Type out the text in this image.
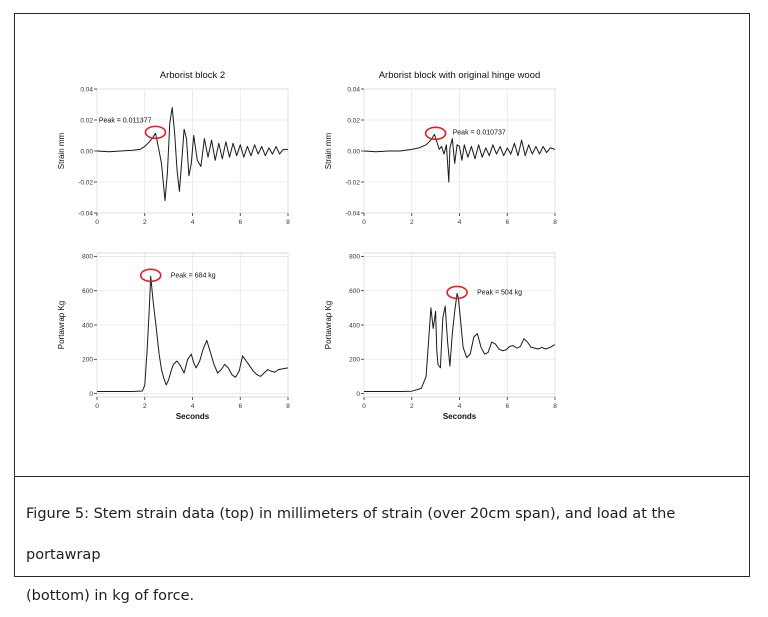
0	2	4	6	8
-0.04
-0.02
0.00
0.02
0.04
Arborist block 2
Strain mm
Peak = 0.011377
0	2	4	6	8
-0.04
-0.02
0.00
0.02
0.04
Arborist block with original hinge wood
Strain mm	Peak = 0.010737
0	2	4	6	8
0
200
400
600
800
Seconds
Portawrap Kg
Peak = 684 kg
0	2	4	6	8
0
200
400
600
800
Seconds
Portawrap Kg
Peak = 504 kg
Figure 5: Stem strain data (top) in millimeters of strain (over 20cm span), and load at the portawrap
(bottom) in kg of force.
